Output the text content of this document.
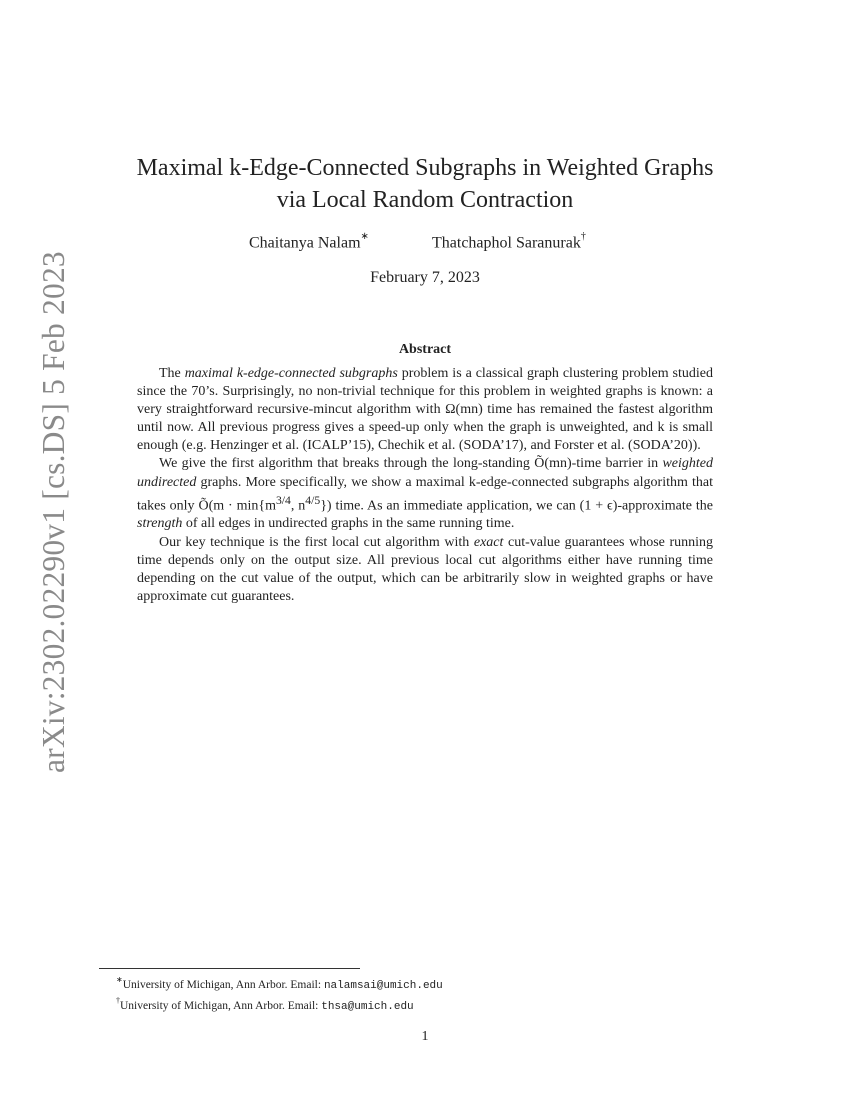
arXiv:2302.02290v1 [cs.DS] 5 Feb 2023
Maximal k-Edge-Connected Subgraphs in Weighted Graphs
via Local Random Contraction
Chaitanya Nalam∗	Thatchaphol Saranurak†
February 7, 2023
Abstract

The maximal k-edge-connected subgraphs problem is a classical graph clustering problem studied since the 70’s. Surprisingly, no non-trivial technique for this problem in weighted graphs is known: a very straightforward recursive-mincut algorithm with Ω(mn) time has remained the fastest algorithm until now. All previous progress gives a speed-up only when the graph is unweighted, and k is small enough (e.g. Henzinger et al. (ICALP’15), Chechik et al. (SODA’17), and Forster et al. (SODA’20)).

We give the first algorithm that breaks through the long-standing Õ(mn)-time barrier in weighted undirected graphs. More specifically, we show a maximal k-edge-connected subgraphs algorithm that takes only Õ(m · $\min\{m^{3/4}$, $n^{4/5}$}) time. As an immediate application, we can (1 + ϵ)-approximate the strength of all edges in undirected graphs in the same running time.

Our key technique is the first local cut algorithm with exact cut-value guarantees whose running time depends only on the output size. All previous local cut algorithms either have running time depending on the cut value of the output, which can be arbitrarily slow in weighted graphs or have approximate cut guarantees.

∗University of Michigan, Ann Arbor. Email: nalamsai@umich.edu
†University of Michigan, Ann Arbor. Email: thsa@umich.edu
1
